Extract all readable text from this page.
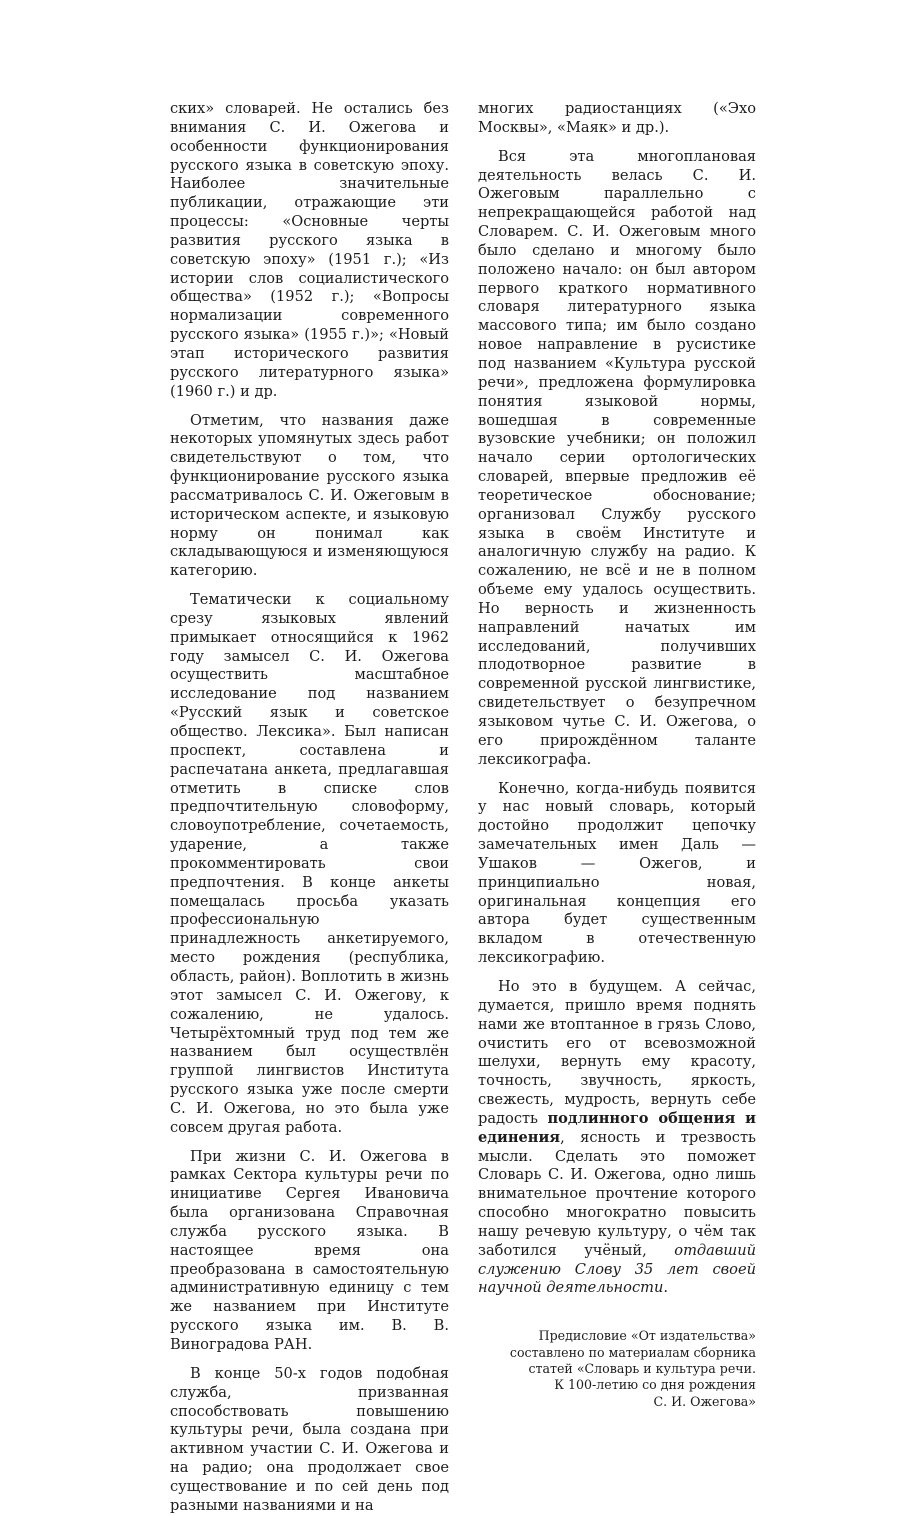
ских» словарей. Не остались без внимания С. И. Ожегова и особенности функционирования русского языка в советскую эпоху. Наиболее значительные публикации, отражающие эти процессы: «Основные черты развития русского языка в советскую эпоху» (1951 г.); «Из истории слов социалистического общества» (1952 г.); «Вопросы нормализации современного русского языка» (1955 г.)»; «Новый этап исторического развития русского литературного языка» (1960 г.) и др.

Отметим, что названия даже некоторых упомянутых здесь работ свидетельствуют о том, что функционирование русского языка рассматривалось С. И. Ожеговым в историческом аспекте, и языковую норму он понимал как складывающуюся и изменяющуюся категорию.

Тематически к социальному срезу языковых явлений примыкает относящийся к 1962 году замысел С. И. Ожегова осуществить масштабное исследование под названием «Русский язык и советское общество. Лексика». Был написан проспект, составлена и распечатана анкета, предлагавшая отметить в списке слов предпочтительную словоформу, словоупотребление, сочетаемость, ударение, а также прокомментировать свои предпочтения. В конце анкеты помещалась просьба указать профессиональную принадлежность анкетируемого, место рождения (республика, область, район). Воплотить в жизнь этот замысел С. И. Ожегову, к сожалению, не удалось. Четырёхтомный труд под тем же названием был осуществлён группой лингвистов Института русского языка уже после смерти С. И. Ожегова, но это была уже совсем другая работа.

При жизни С. И. Ожегова в рамках Сектора культуры речи по инициативе Сергея Ивановича была организована Справочная служба русского языка. В настоящее время она преобразована в самостоятельную административную единицу с тем же названием при Институте русского языка им. В. В. Виноградова РАН.

В конце 50-х годов подобная служба, призванная способствовать повышению культуры речи, была создана при активном участии С. И. Ожегова и на радио; она продолжает свое существование и по сей день под разными названиями и на

многих радиостанциях («Эхо Москвы», «Маяк» и др.).

Вся эта многоплановая деятельность велась С. И. Ожеговым параллельно с непрекращающейся работой над Словарем. С. И. Ожеговым много было сделано и многому было положено начало: он был автором первого краткого нормативного словаря литературного языка массового типа; им было создано новое направление в русистике под названием «Культура русской речи», предложена формулировка понятия языковой нормы, вошедшая в современные вузовские учебники; он положил начало серии ортологических словарей, впервые предложив её теоретическое обоснование; организовал Службу русского языка в своём Институте и аналогичную службу на радио. К сожалению, не всё и не в полном объеме ему удалось осуществить. Но верность и жизненность направлений начатых им исследований, получивших плодотворное развитие в современной русской лингвистике, свидетельствует о безупречном языковом чутье С. И. Ожегова, о его прирождённом таланте лексикографа.

Конечно, когда-нибудь появится у нас новый словарь, который достойно продолжит цепочку замечательных имен Даль — Ушаков — Ожегов, и принципиально новая, оригинальная концепция его автора будет существенным вкладом в отечественную лексикографию.

Но это в будущем. А сейчас, думается, пришло время поднять нами же втоптанное в грязь Слово, очистить его от всевозможной шелухи, вернуть ему красоту, точность, звучность, яркость, свежесть, мудрость, вернуть себе радость подлинного общения и единения, ясность и трезвость мысли. Сделать это поможет Словарь С. И. Ожегова, одно лишь внимательное прочтение которого способно многократно повысить нашу речевую культуру, о чём так заботился учёный, отдавший служению Слову 35 лет своей научной деятельности.

Предисловие «От издательства»
составлено по материалам сборника
статей «Словарь и культура речи.
К 100-летию со дня рождения
С. И. Ожегова»
